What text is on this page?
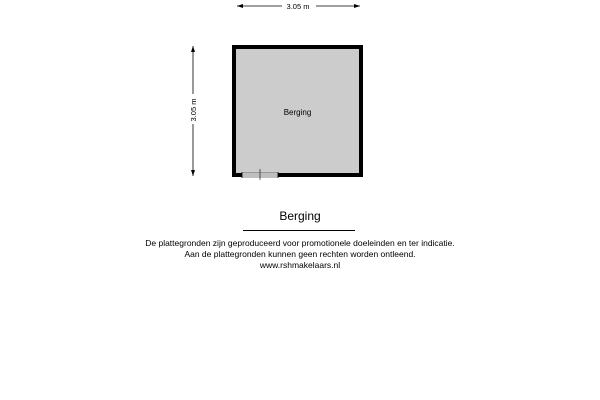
3.05 m
3.05 m	Berging
Berging
De plattegronden zijn geproduceerd voor promotionele doeleinden en ter indicatie.
Aan de plattegronden kunnen geen rechten worden ontleend.
www.rshmakelaars.nl
